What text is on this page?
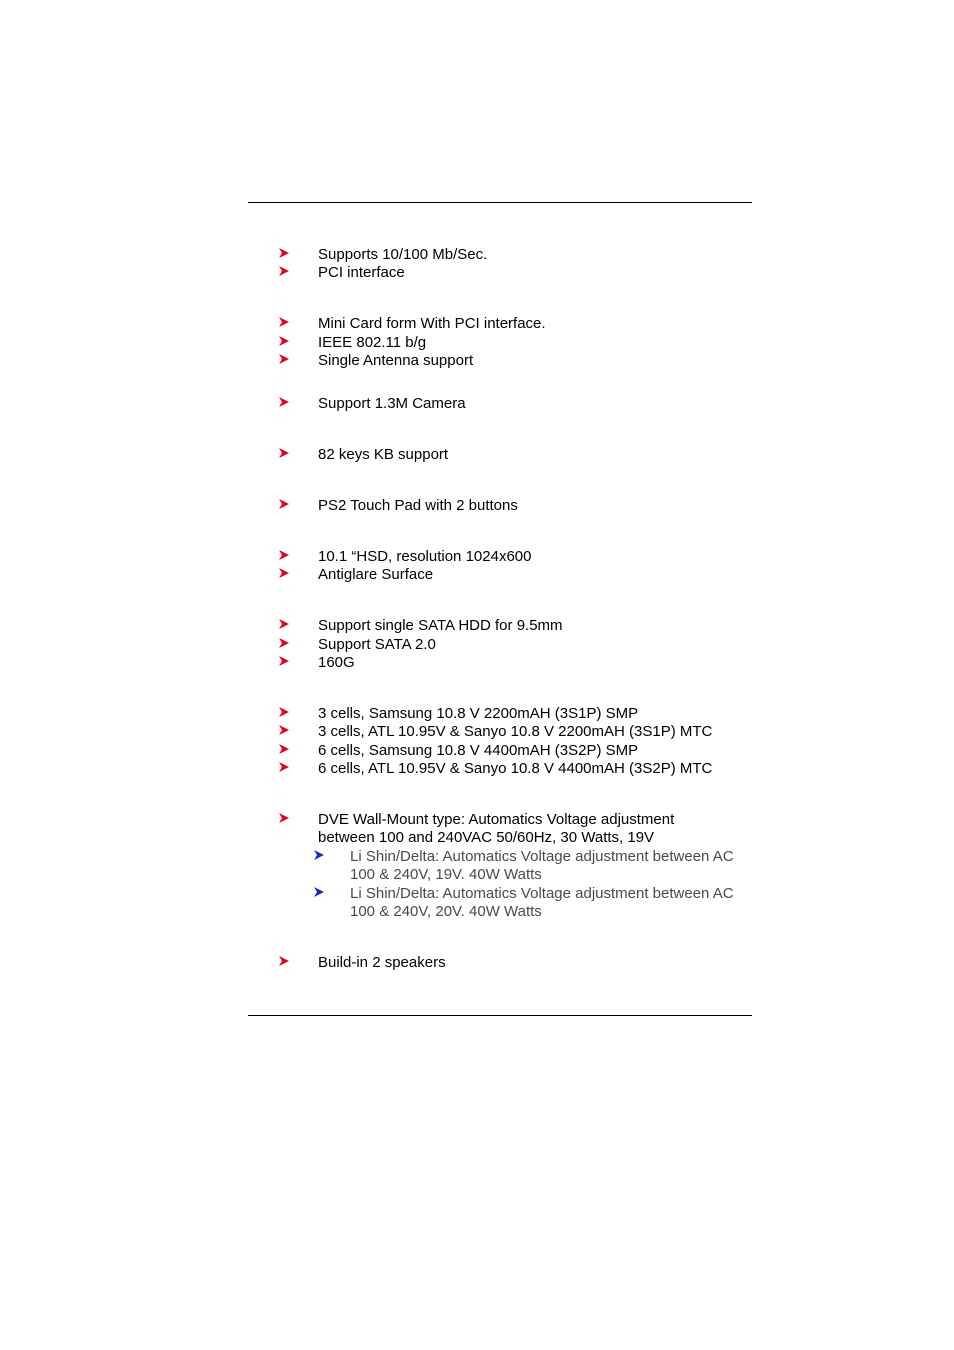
Supports 10/100 Mb/Sec.
PCI interface
Mini Card form With PCI interface.
IEEE 802.11 b/g
Single Antenna support
Support 1.3M Camera
82 keys KB support
PS2 Touch Pad with 2 buttons
10.1 “HSD, resolution 1024x600
Antiglare Surface
Support single SATA HDD for 9.5mm
Support SATA 2.0
160G
3 cells, Samsung 10.8 V 2200mAH (3S1P) SMP
3 cells, ATL 10.95V & Sanyo 10.8 V 2200mAH (3S1P) MTC
6 cells, Samsung 10.8 V 4400mAH (3S2P) SMP
6 cells, ATL 10.95V & Sanyo 10.8 V 4400mAH (3S2P) MTC
DVE Wall-Mount type: Automatics Voltage adjustment between 100 and 240VAC 50/60Hz, 30 Watts, 19V
Li Shin/Delta: Automatics Voltage adjustment between AC 100 & 240V, 19V. 40W Watts
Li Shin/Delta: Automatics Voltage adjustment between AC 100 & 240V, 20V. 40W Watts
Build-in 2 speakers
